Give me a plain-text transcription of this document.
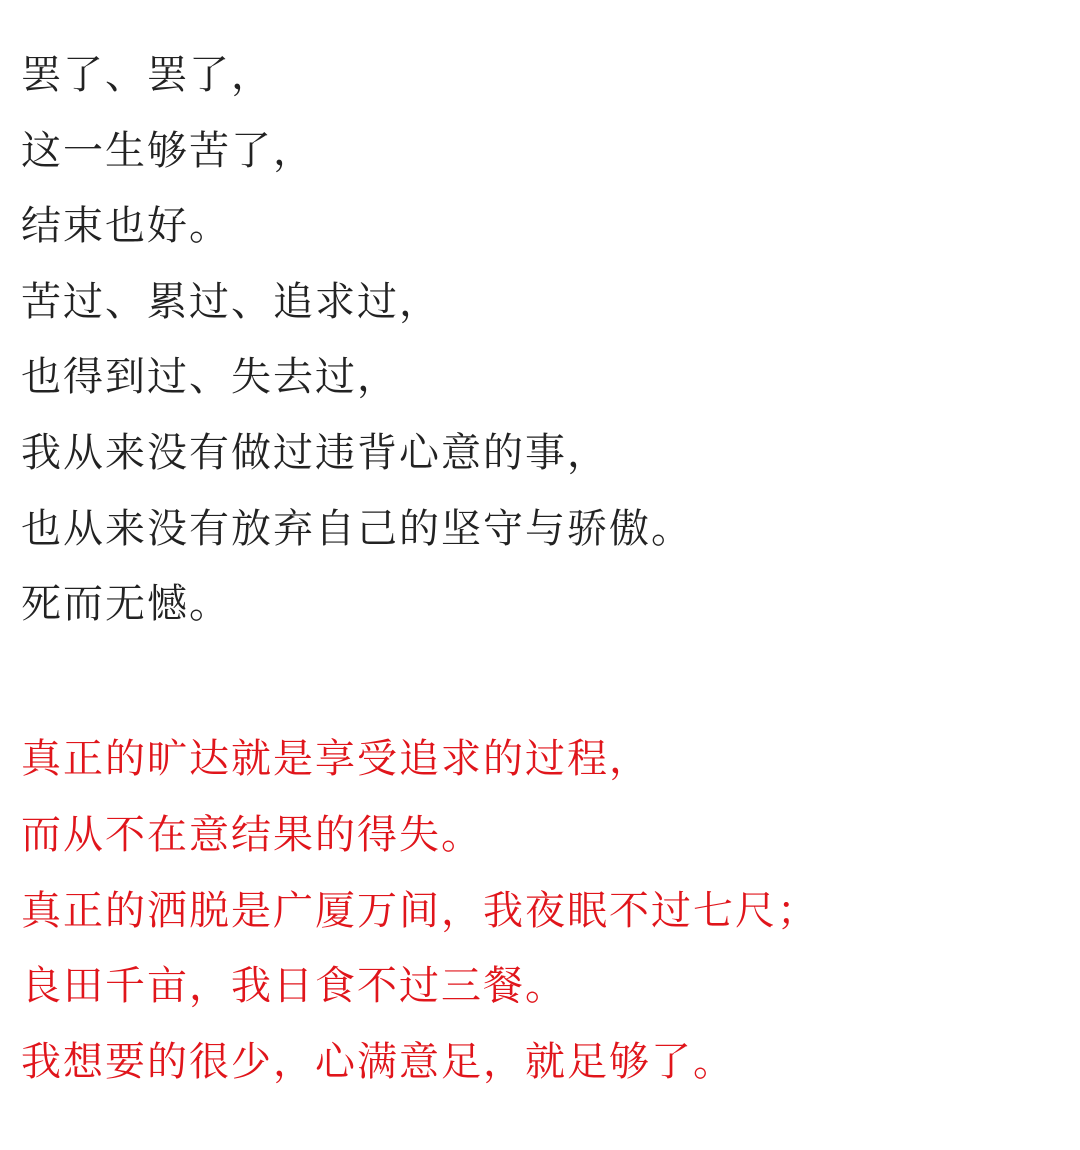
罢了、罢了，
这一生够苦了，
结束也好。
苦过、累过、追求过，
也得到过、失去过，
我从来没有做过违背心意的事，
也从来没有放弃自己的坚守与骄傲。
死而无憾。
真正的旷达就是享受追求的过程，
而从不在意结果的得失。
真正的洒脱是广厦万间，我夜眠不过七尺；
良田千亩，我日食不过三餐。
我想要的很少，心满意足，就足够了。
